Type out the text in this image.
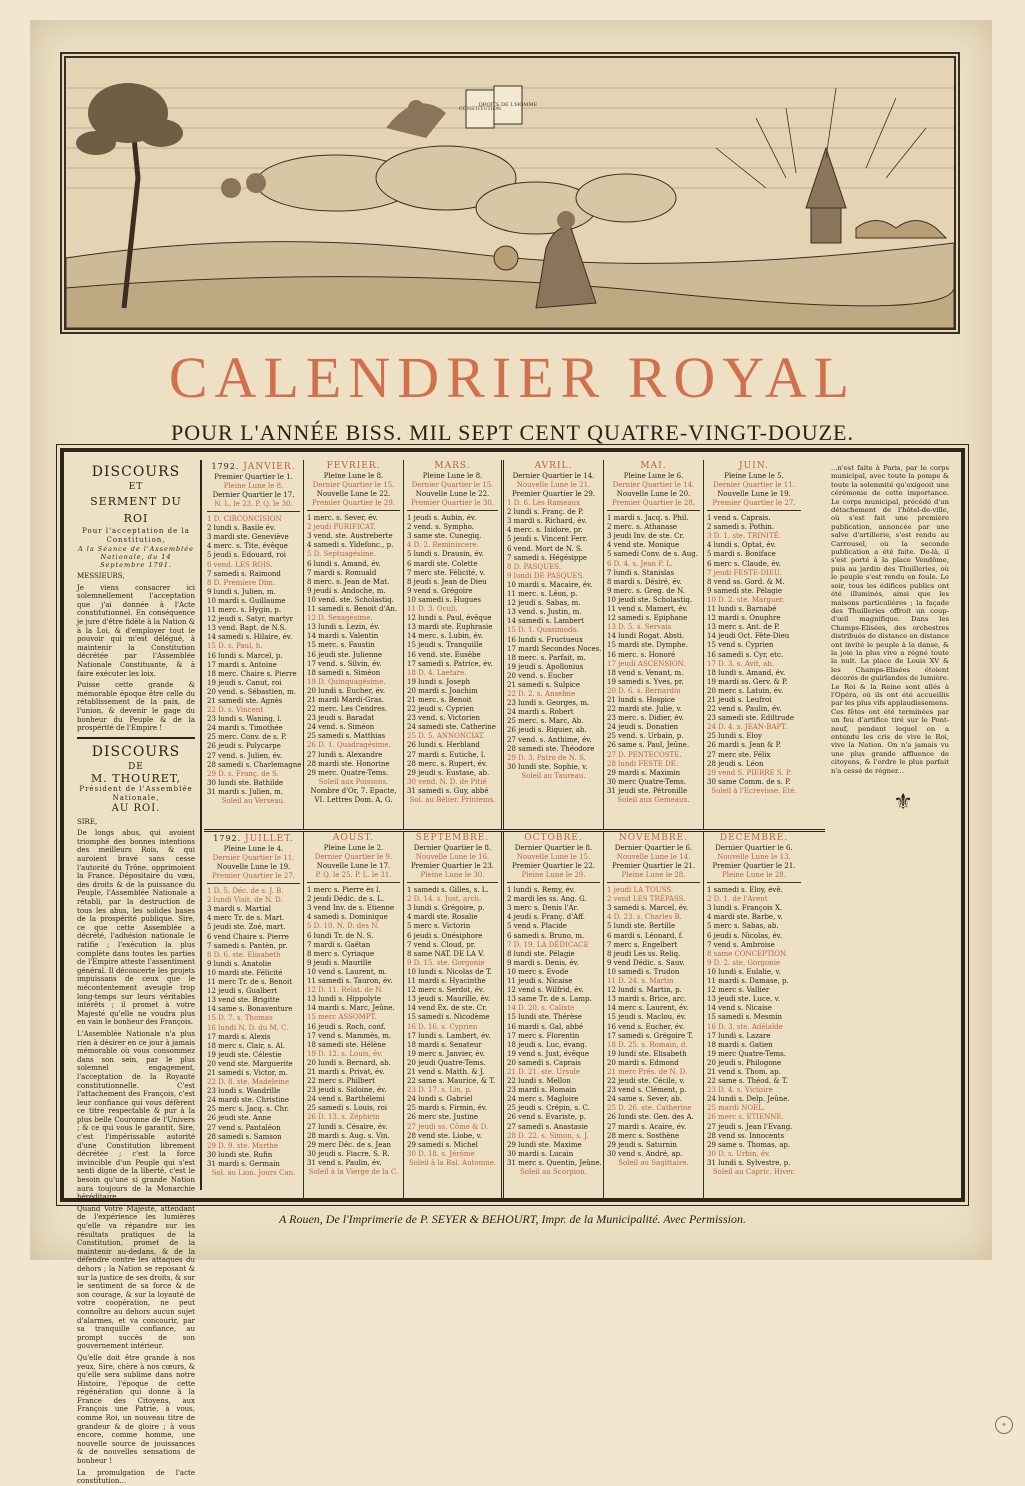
CONSTITUTION
DROITS DE L'HOMME
CALENDRIER ROYAL
POUR L'ANNÉE BISS. MIL SEPT CENT QUATRE-VINGT-DOUZE.
DISCOURS
ET
SERMENT DU ROI
Pour l'acceptation de la Constitution,
A la Séance de l'Assemblée Nationale, du 14 Septembre 1791.

MESSIEURS,

Je viens consacrer ici solemnellement l'acceptation que j'ai donnée à l'Acte constitutionnel. En conséquence je jure d'être fidèle à la Nation & à la Loi, & d'employer tout le pouvoir qui m'est délégué, à maintenir la Constitution décrétée par l'Assemblée Nationale Constituante, & à faire exécuter les loix.

Puisse cette grande & mémorable époque être celle du rétablissement de la paix, de l'union, & devenir le gage du bonheur du Peuple & de la prospérité de l'Empire !

DISCOURS
DE
M. THOURET,
Président de l'Assemblée Nationale,
AU ROI.

SIRE,

De longs abus, qui avoient triomphé des bonnes intentions des meilleurs Rois, & qui auroient bravé sans cesse l'autorité du Trône, opprimoient la France. Dépositaire du vœu, des droits & de la puissance du Peuple, l'Assemblée Nationale a rétabli, par la destruction de tous les abus, les solides bases de la prospérité publique. Sire, ce que cette Assemblée a décrété, l'adhésion nationale le ratifie ; l'exécution la plus complète dans toutes les parties de l'Empire atteste l'assentiment général. Il déconcerte les projets impuissans de ceux que le mécontentement aveugle trop long-temps sur leurs véritables intérêts ; il promet à votre Majesté qu'elle ne voudra plus en vain le bonheur des François.

L'Assemblée Nationale n'a plus rien à désirer en ce jour à jamais mémorable où vous consommez dans son sein, par le plus solemnel engagement, l'acceptation de la Royauté constitutionnelle. C'est l'attachement des François, c'est leur confiance qui vous défèrent ce titre respectable & pur à la plus belle Couronne de l'Univers ; & ce qui vous le garantit, Sire, c'est l'impérissable autorité d'une Constitution librement décrétée ; c'est la force invincible d'un Peuple qui s'est senti digne de la liberté, c'est le besoin qu'une si grande Nation aura toujours de la Monarchie héréditaire.

Quand Votre Majesté, attendant de l'expérience les lumières qu'elle va répandre sur les résultats pratiques de la Constitution, promet de la maintenir au-dedans, & de la défendre contre les attaques du dehors ; la Nation se reposant & sur la justice de ses droits, & sur le sentiment de sa force & de son courage, & sur la loyauté de votre coopération, ne peut connoître au dehors aucun sujet d'alarmes, et va concourir, par sa tranquille confiance, au prompt succès de son gouvernement intérieur.

Qu'elle doit être grande à nos yeux, Sire, chère à nos cœurs, & qu'elle sera sublime dans notre Histoire, l'époque de cette régénération qui donne à la France des Citoyens, aux François une Patrie, à vous, comme Roi, un nouveau titre de grandeur & de gloire ; à vous encore, comme homme, une nouvelle source de jouissances & de nouvelles sensations de bonheur !

La promulgation de l'acte constitution...

1792. JANVIER.
Premier Quartier le 1.
Pleine Lune le 8.
Dernier Quartier le 17.
N. L. le 23. P. Q. le 30.
1 D. CIRCONCISION
2 lundi s. Basile év.
3 mardi ste. Geneviève
4 merc. s. Tite, évêque
5 jeudi s. Edouard, roi
6 vend. LES ROIS.
7 samedi s. Raimond
8 D. Premiere Dim.
9 lundi s. Julien, m.
10 mardi s. Guillaume
11 merc. s. Hygin, p.
12 jeudi s. Satyr, martyr
13 vend. Bapt. de N.S.
14 samedi s. Hilaire, év.
15 D. s. Paul, h.
16 lundi s. Marcel, p.
17 mardi s. Antoine
18 merc. Chaire s. Pierre
19 jeudi s. Canut, roi
20 vend. s. Sébastien, m.
21 samedi ste. Agnès
22 D. s. Vincent
23 lundi s. Waning, l.
24 mardi s. Timothée
25 merc. Conv. de s. P.
26 jeudi s. Polycarpe
27 vend. s. Julien, év.
28 samedi s. Charlemagne
29 D. s. Franç. de S.
30 lundi ste. Bathilde
31 mardi s. Julien, m.
Soleil au Verseau.
FEVRIER.
Pleine Lune le 8.
Dernier Quartier le 15.
Nouvelle Lune le 22.
Premier Quartier le 29.
1 merc. s. Sever, év.
2 jeudi PURIFICAT.
3 vend. ste. Austreberte
4 samedi s. Yldefonc., p.
5 D. Septuagésime.
6 lundi s. Amand, év.
7 mardi s. Romuald
8 merc. s. Jean de Mat.
9 jeudi s. Andoche, m.
10 vend. ste. Scholastiq.
11 samedi s. Benoit d'An.
12 D. Sexagésime.
13 lundi s. Lezin, év.
14 mardi s. Valentin
15 merc. s. Faustin
16 jeudi ste. Julienne
17 vend. s. Silvin, év.
18 samedi s. Siméon
19 D. Quinquagésime.
20 lundi s. Eucher, év.
21 mardi Mardi-Gras.
22 merc. Les Cendres.
23 jeudi s. Baradat
24 vend. s. Siméon
25 samedi s. Matthias
26 D. 1. Quadragésime.
27 lundi s. Alexandre
28 mardi ste. Honorine
29 merc. Quatre-Tems.
Soleil aux Poissons.
Nombre d'Or, 7. Epacte, VI. Lettres Dom. A, G.
MARS.
Pleine Lune le 8.
Dernier Quartier le 15.
Nouvelle Lune le 22.
Premier Quartier le 30.
1 jeudi s. Aubin, év.
2 vend. s. Sympho.
3 same ste. Cunegiq.
4 D. 2. Reminiscere.
5 lundi s. Drausin, év.
6 mardi ste. Colette
7 merc ste. Félicité, v.
8 jeudi s. Jean de Dieu
9 vend s. Grégoire
10 samedi s. Hugues
11 D. 3. Oculi.
12 lundi s. Paul, évêque
13 mardi ste. Euphrasie
14 merc. s. Lubin, év.
15 jeudi s. Tranquille
16 vend. ste. Eusèbe
17 samedi s. Patrice, év.
18 D. 4. Laetare.
19 lundi s. Joseph
20 mardi s. Joachim
21 merc. s. Benoit
22 jeudi s. Cyprien
23 vend. s. Victorien
24 samedi ste. Catherine
25 D. 5. ANNONCIAT.
26 lundi s. Herbland
27 mardi s. Eutiche, l.
28 merc. s. Rupert, év.
29 jeudi s. Eustase, ab.
30 vend. N. D. de Pitié
31 samedi s. Guy, abbé
Sol. au Bélier. Printems.
AVRIL.
Dernier Quartier le 14.
Nouvelle Lune le 21.
Premier Quartier le 29.
1 D. 6. Les Rameaux
2 lundi s. Franç. de P.
3 mardi s. Richard, év.
4 merc. s. Isidore, pr.
5 jeudi s. Vincent Ferr.
6 vend. Mort de N. S.
7 samedi s. Hégésippe
8 D. PASQUES.
9 lundi DE PASQUES.
10 mardi s. Macaire, év.
11 merc. s. Léon, p.
12 jeudi s. Sabas, m.
13 vend. s. Justin, m.
14 samedi s. Lambert
15 D. 1. Quasimodo.
16 lundi s. Fructueux
17 mardi Secondes Noces.
18 merc. s. Parfait, m.
19 jeudi s. Apollonius
20 vend. s. Eucher
21 samedi s. Sulpice
22 D. 2. s. Anselme
23 lundi s. Georges, m.
24 mardi s. Robert
25 merc. s. Marc, Ab.
26 jeudi s. Riquier, ab.
27 vend. s. Anthime, év.
28 samedi ste. Théodore
29 D. 3. Patro de N. S.
30 lundi ste. Sophie, v.
Soleil au Taureau.
MAI.
Pleine Lune le 6.
Dernier Quartier le 14.
Nouvelle Lune le 20.
Premier Quartier le 28.
1 mardi s. Jacq. s. Phil.
2 merc. s. Athanase
3 jeudi Inv. de ste. Cr.
4 vend ste. Monique
5 samedi Conv. de s. Aug.
6 D. 4. s. Jean P. L.
7 lundi s. Stanislas
8 mardi s. Désiré, év.
9 merc. s. Greg. de N.
10 jeudi ste. Scholastiq.
11 vend s. Mamert, év.
12 samedi s. Epiphane
13 D. 5. s. Servais
14 lundi Rogat. Absti.
15 mardi ste. Dymphe.
16 merc. s. Honoré
17 jeudi ASCENSION.
18 vend s. Venant, m.
19 samedi s. Yves, pr.
20 D. 6. s. Bernardin
21 lundi s. Hospice
22 mardi ste. Julie, v.
23 merc. s. Didier, év.
24 jeudi s. Donatien
25 vend. s. Urbain, p.
26 same s. Paul, Jeûne.
27 D. PENTECOSTE.
28 lundi FESTE DE.
29 mardi s. Maximin
30 merc Quatre-Tems.
31 jeudi ste. Pétronille
Soleil aux Gemeaux.
JUIN.
Pleine Lune le 5.
Dernier Quartier le 11.
Nouvelle Lune le 19.
Premier Quartier le 27.
1 vend s. Caprais.
2 samedi s. Pothin.
3 D. 1. ste. TRINITÉ.
4 lundi s. Optat, év.
5 mardi s. Boniface
6 merc s. Claude, év.
7 jeudi FESTE-DIEU.
8 vend ss. Gord. & M.
9 samedi ste. Pélagie
10 D. 2. ste. Marguer.
11 lundi s. Barnabé
12 mardi s. Onuphre
13 merc s. Ant. de P.
14 jeudi Oct. Fête-Dieu
15 vend s. Cyprien
16 samedi s. Cyr, etc.
17 D. 3. s. Avit, ab.
18 lundi s. Amand, év.
19 mardi ss. Gerv. & P.
20 merc s. Latuin, év.
21 jeudi s. Leufroi
22 vend s. Paulin, év.
23 samedi ste. Ediltrude
24 D. 4. s. JEAN-BAPT.
25 lundi s. Eloy
26 mardi s. Jean & P.
27 merc ste. Félix
28 jeudi s. Léon
29 vend S. PIERRE S. P.
30 same Comm. de s. P.
Soleil à l'Ecrevisse. Eté.
1792. JUILLET.
Pleine Lune le 4.
Dernier Quartier le 11.
Nouvelle Lune le 19.
Premier Quartier le 27.
1 D. 5. Déc. de s. J. B.
2 lundi Visit. de N. D.
3 mardi s. Martial
4 merc Tr. de s. Mart.
5 jeudi ste. Zoé, mart.
6 vend Chaire s. Pierre
7 samedi s. Pantèn, pr.
8 D. 6. ste. Elisabeth
9 lundi s. Anatolie
10 mardi ste. Félicité
11 merc Tr. de s. Benoit
12 jeudi s. Gualbert
13 vend ste. Brigitte
14 same s. Bonaventure
15 D. 7. s. Thomas
16 lundi N. D. du M. C.
17 mardi s. Alexis
18 merc s. Clair, s. Al.
19 jeudi ste. Célestie
20 vend ste. Marguerite
21 samedi s. Victor, m.
22 D. 8. ste. Madeleine
23 lundi s. Wandrille
24 mardi ste. Christine
25 merc s. Jacq. s. Chr.
26 jeudi ste. Anne
27 vend s. Pantaléon
28 samedi s. Samson
29 D. 9. ste. Marthe
30 lundi ste. Rufin
31 mardi s. Germain
Sol. au Lion. Jours Can.
AOUST.
Pleine Lune le 2.
Dernier Quartier le 9.
Nouvelle Lune le 17.
P. Q. le 25. P. L. le 31.
1 merc s. Pierre ès l.
2 jeudi Dédic. de s. L.
3 vend Inv. de s. Etienne
4 samedi s. Dominique
5 D. 10. N. D. des N.
6 lundi Tr. de N. S.
7 mardi s. Gaëtan
8 merc s. Cyriaque
9 jeudi s. Maurille
10 vend s. Laurent, m.
11 samedi s. Tauron, év.
12 D. 11. Relat. de N.
13 lundi s. Hippolyte
14 mardi s. Marc, Jeûne.
15 merc ASSOMPT.
16 jeudi s. Roch, conf.
17 vend s. Mammès, m.
18 samedi ste. Hélène
19 D. 12. s. Louis, év.
20 lundi s. Bernard, ab.
21 mardi s. Privat, év.
22 merc s. Philbert
23 jeudi s. Sidoine, év.
24 vend s. Barthélemi
25 samedi s. Louis, roi
26 D. 13. s. Zéphirin
27 lundi s. Césaire, év.
28 mardi s. Aug. s. Vin.
29 merc Déc. de s. Jean
30 jeudi s. Fiacre, S. R.
31 vend s. Paulin, év.
Soleil à la Vierge de la C.
SEPTEMBRE.
Dernier Quartier le 8.
Nouvelle Lune le 16.
Premier Quartier le 23.
Pleine Lune le 30.
1 samedi s. Gilles, s. L.
2 D. 14. s. Just, arch.
3 lundi s. Grégoire, p.
4 mardi ste. Rosalie
5 merc s. Victorin
6 jeudi s. Onésiphore
7 vend s. Cloud, pr.
8 same NAT. DE LA V.
9 D. 15. ste. Gorgonie
10 lundi s. Nicolas de T.
11 mardi s. Hyacinthe
12 merc s. Serdot, év.
13 jeudi s. Maurille, év.
14 vend Ex. de ste. Cr.
15 samedi s. Nicodème
16 D. 16. s. Cyprien
17 lundi s. Lambert, év.
18 mardi s. Senateur
19 merc s. Janvier, év.
20 jeudi Quatre-Tems.
21 vend s. Matth. & J.
22 same s. Maurice, & T.
23 D. 17. s. Lin, p.
24 lundi s. Gabriel
25 mardi s. Firmin, év.
26 merc ste. Justine
27 jeudi ss. Côme & D.
28 vend ste. Liobe, v.
29 samedi s. Michel
30 D. 18. s. Jérôme
Soleil à la Bal. Automne.
OCTOBRE.
Dernier Quartier le 8.
Nouvelle Lune le 15.
Premier Quartier le 22.
Pleine Lune le 29.
1 lundi s. Remy, év.
2 mardi les ss. Ang. G.
3 merc s. Denis l'Ar.
4 jeudi s. Franç. d'Aff.
5 vend s. Placide
6 samedi s. Bruno, m.
7 D. 19. LA DÉDICACE
8 lundi ste. Pélagie
9 mardi s. Denis, év.
10 merc s. Evode
11 jeudi s. Nicaise
12 vend s. Wilfrid, év.
13 same Tr. de s. Lamp.
14 D. 20. s. Calixte
15 lundi ste. Thérèse
16 mardi s. Gal, abbé
17 merc s. Florentin
18 jeudi s. Luc, évang.
19 vend s. Just, évêque
20 samedi s. Caprais
21 D. 21. ste. Ursule
22 lundi s. Mellon
23 mardi s. Romain
24 merc s. Magloire
25 jeudi s. Crépin, s. C.
26 vend s. Evariste, p.
27 samedi s. Anastasie
28 D. 22. s. Simon, s. J.
29 lundi ste. Maxime
30 mardi s. Lucain
31 merc s. Quentin, Jeûne.
Soleil au Scorpion.
NOVEMBRE.
Dernier Quartier le 6.
Nouvelle Lune le 14.
Premier Quartier le 21.
Pleine Lune le 28.
1 jeudi LA TOUSS.
2 vend LES TRÉPASS.
3 samedi s. Marcel, év.
4 D. 23. s. Charles B.
5 lundi ste. Bertille
6 mardi s. Léonard, f.
7 merc s. Engelbert
8 jeudi Les ss. Reliq.
9 vend Dédic. s. Sauv.
10 samedi s. Trudon
11 D. 24. s. Martin
12 lundi s. Martin, p.
13 mardi s. Brice, arc.
14 merc s. Laurent, év.
15 jeudi s. Maclou, év.
16 vend s. Eucher, év.
17 samedi s. Grégoire T.
18 D. 25. s. Romain, d.
19 lundi ste. Elisabeth
20 mardi s. Edmond
21 merc Prés. de N. D.
22 jeudi ste. Cécile, v.
23 vend s. Clément, p.
24 same s. Sever, ab.
25 D. 26. ste. Catherine
26 lundi ste. Gen. des A.
27 mardi s. Acaire, év.
28 merc s. Sosthène
29 jeudi s. Saturnin
30 vend s. André, ap.
Soleil au Sagittaire.
DECEMBRE.
Dernier Quartier le 6.
Nouvelle Lune le 13.
Premier Quartier le 21.
Pleine Lune le 28.
1 samedi s. Eloy, évê.
2 D. 1. de l'Avent
3 lundi s. François X.
4 mardi ste. Barbe, v.
5 merc s. Sabas, ab.
6 jeudi s. Nicolas, év.
7 vend s. Ambroise
8 same CONCEPTION.
9 D. 2. ste. Gorgonie
10 lundi s. Eulalie, v.
11 mardi s. Damase, p.
12 merc s. Vallier
13 jeudi ste. Luce, v.
14 vend s. Nicaise
15 samedi s. Mesmin
16 D. 3. ste. Adélaïde
17 lundi s. Lazare
18 mardi s. Gatien
19 merc Quatre-Tems.
20 jeudi s. Philogone
21 vend s. Thom. ap.
22 same s. Théod. & T.
23 D. 4. s. Victoire
24 lundi s. Delp. Jeûne.
25 mardi NOEL.
26 merc s. ETIENNE.
27 jeudi s. Jean l'Evang.
28 vend ss. Innocents
29 same s. Thomas, ap.
30 D. s. Urbin, év.
31 lundi s. Sylvestre, p.
Soleil au Capric. Hiver.
...n'est faite à Paris, par le corps municipal, avec toute la pompe & toute la solemnité qu'exigeoit une cérémonie de cette importance. Le corps municipal, précédé d'un détachement de l'hôtel-de-ville, où s'est fait une première publication, annoncée par une salve d'artillerie, s'est rendu au Carrousel, où la seconde publication a été faite. De-là, il s'est porté à la place Vendôme, puis au jardin des Thuilleries, où le peuple s'est rendu en foule. Le soir, tous les édifices publics ont été illuminés, ainsi que les maisons particulières ; la façade des Thuilleries offroit un coup-d'œil magnifique. Dans les Champs-Elisées, des orchestres distribués de distance en distance ont invité le peuple à la danse, & la joie la plus vive a régné toute la nuit. La place de Louis XV & les Champs-Elisées étoient décorés de guirlandes de lumière. Le Roi & la Reine sont allés à l'Opéra, où ils ont été accueillis par les plus vifs applaudissemens. Ces fêtes ont été terminées par un feu d'artifice tiré sur le Pont-neuf, pendant lequel on a entendu les cris de vive le Roi, vive la Nation. On n'a jamais vu une plus grande affluence de citoyens, & l'ordre le plus parfait n'a cessé de régner...
⚜
A Rouen, De l'Imprimerie de P. SEYER & BEHOURT, Impr. de la Municipalité. Avec Permission.
⊛
